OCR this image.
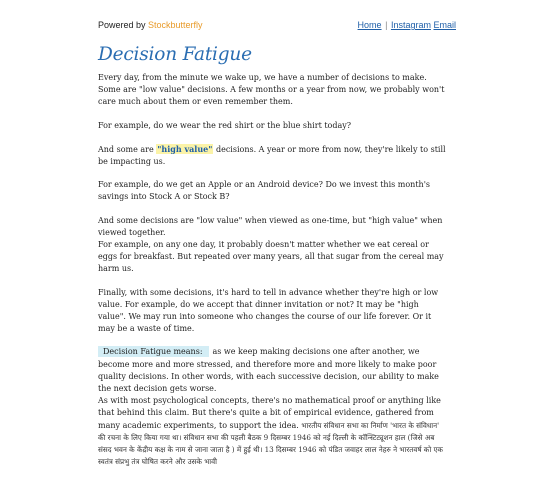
Powered by Stockbutterfly	Home | Instagram Email
Decision Fatigue

Every day, from the minute we wake up, we have a number of decisions to make. Some are "low value" decisions. A few months or a year from now, we probably won't care much about them or even remember them.

For example, do we wear the red shirt or the blue shirt today?

And some are "high value" decisions. A year or more from now, they're likely to still be impacting us.

For example, do we get an Apple or an Android device? Do we invest this month's savings into Stock A or Stock B?

And some decisions are "low value" when viewed as one-time, but "high value" when viewed together.
For example, on any one day, it probably doesn't matter whether we eat cereal or eggs for breakfast. But repeated over many years, all that sugar from the cereal may harm us.

Finally, with some decisions, it's hard to tell in advance whether they're high or low value. For example, do we accept that dinner invitation or not? It may be "high value". We may run into someone who changes the course of our life forever. Or it may be a waste of time.

Decision Fatigue means: as we keep making decisions one after another, we become more and more stressed, and therefore more and more likely to make poor quality decisions. In other words, with each successive decision, our ability to make the next decision gets worse.
As with most psychological concepts, there's no mathematical proof or anything like that behind this claim. But there's quite a bit of empirical evidence, gathered from many academic experiments, to support the idea. भारतीय संविधान सभा का निर्माण 'भारत के संविधान' की रचना के लिए किया गया था। संविधान सभा की पहली बैठक 9 दिसम्बर 1946 को नई दिल्ली के कॉन्स्टिट्यूशन हाल (जिसे अब संसद भवन के केंद्रीय कक्ष के नाम से जाना जाता है ) में हुई थी। 13 दिसम्बर 1946 को पंडित जवाहर लाल नेहरु ने भारतवर्ष को एक स्वतंत्र संप्रभु तंत्र घोषित करने और उसके भावी
